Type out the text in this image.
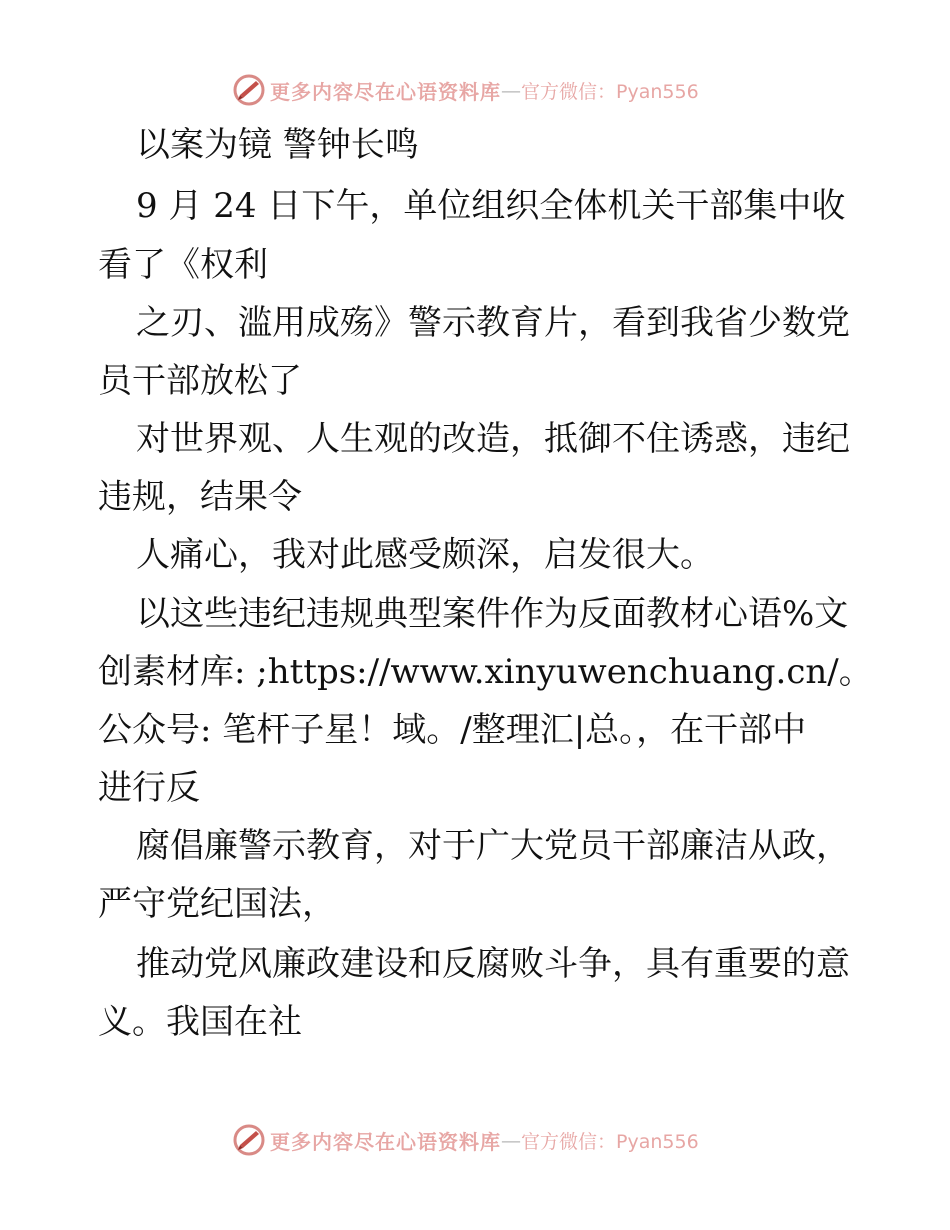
更多内容尽在心语资料库 — 官方微信：Pyan556
以案为镜 警钟长鸣
9 月 24 日下午，单位组织全体机关干部集中收
看了《权利
之刃、滥用成殇》警示教育片，看到我省少数党
员干部放松了
对世界观、人生观的改造，抵御不住诱惑，违纪
违规，结果令
人痛心，我对此感受颇深，启发很大。
以这些违纪违规典型案件作为反面教材心语%文
创素材库: ;https://www.xinyuwenchuang.cn/。
公众号: 笔杆子星！域。/整理汇|总。，在干部中
进行反
腐倡廉警示教育，对于广大党员干部廉洁从政，
严守党纪国法，
推动党风廉政建设和反腐败斗争，具有重要的意
义。我国在社
更多内容尽在心语资料库 — 官方微信：Pyan556
